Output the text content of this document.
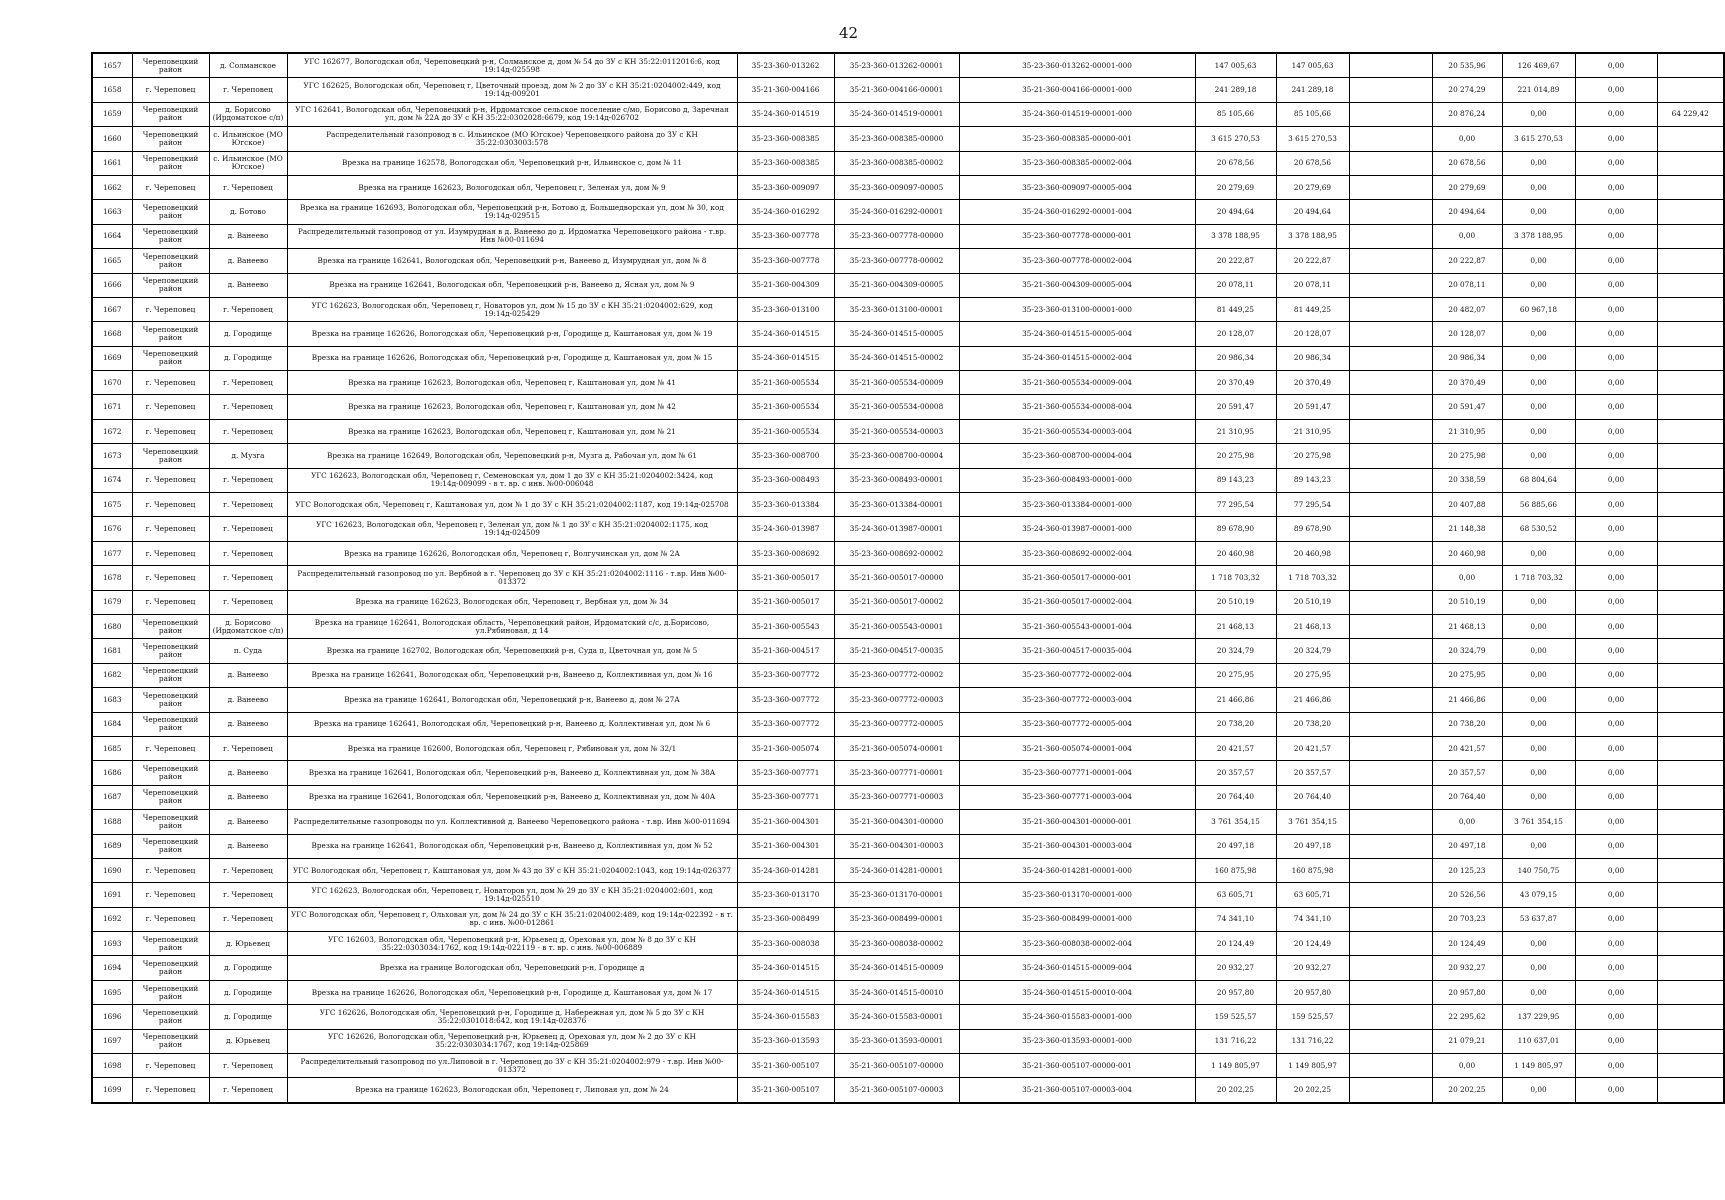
42
1657	Череповецкий район	д. Солманское	УГС 162677, Вологодская обл, Череповецкий р-н, Солманское д, дом № 54 до ЗУ с КН 35:22:0112016:6, код 19:14д-025598	35-23-360-013262	35-23-360-013262-00001	35-23-360-013262-00001-000	147 005,63	147 005,63		20 535,96	126 469,67	0,00	
1658	г. Череповец	г. Череповец	УГС 162625, Вологодская обл, Череповец г, Цветочный проезд, дом № 2 до ЗУ с КН 35:21:0204002:449, код 19:14д-009201	35-21-360-004166	35-21-360-004166-00001	35-21-360-004166-00001-000	241 289,18	241 289,18		20 274,29	221 014,89	0,00	
1659	Череповецкий район	д. Борисово (Ирдоматское с/п)	УГС 162641, Вологодская обл, Череповецкий р-н, Ирдоматское сельское поселение с/мо, Борисово д, Заречная ул, дом № 22А до ЗУ с КН 35:22:0302028:6679, код 19:14д-026702	35-24-360-014519	35-24-360-014519-00001	35-24-360-014519-00001-000	85 105,66	85 105,66		20 876,24	0,00	0,00	64 229,42
1660	Череповецкий район	с. Ильинское (МО Югское)	Распределительный газопровод в с. Ильинское (МО Югское) Череповецкого района до ЗУ с КН 35:22:0303003:578	35-23-360-008385	35-23-360-008385-00000	35-23-360-008385-00000-001	3 615 270,53	3 615 270,53		0,00	3 615 270,53	0,00	
1661	Череповецкий район	с. Ильинское (МО Югское)	Врезка на границе 162578, Вологодская обл, Череповецкий р-н, Ильинское с, дом № 11	35-23-360-008385	35-23-360-008385-00002	35-23-360-008385-00002-004	20 678,56	20 678,56		20 678,56	0,00	0,00	
1662	г. Череповец	г. Череповец	Врезка на границе 162623, Вологодская обл, Череповец г, Зеленая ул, дом № 9	35-23-360-009097	35-23-360-009097-00005	35-23-360-009097-00005-004	20 279,69	20 279,69		20 279,69	0,00	0,00	
1663	Череповецкий район	д. Ботово	Врезка на границе 162693, Вологодская обл, Череповецкий р-н, Ботово д, Большедворская ул, дом № 30, код 19:14д-029515	35-24-360-016292	35-24-360-016292-00001	35-24-360-016292-00001-004	20 494,64	20 494,64		20 494,64	0,00	0,00	
1664	Череповецкий район	д. Ванеево	Распределительный газопровод от ул. Изумрудная в д. Ванеево до д. Ирдоматка Череповецкого района - т.вр. Инв №00-011694	35-23-360-007778	35-23-360-007778-00000	35-23-360-007778-00000-001	3 378 188,95	3 378 188,95		0,00	3 378 188,95	0,00	
1665	Череповецкий район	д. Ванеево	Врезка на границе 162641, Вологодская обл, Череповецкий р-н, Ванеево д, Изумрудная ул, дом № 8	35-23-360-007778	35-23-360-007778-00002	35-23-360-007778-00002-004	20 222,87	20 222,87		20 222,87	0,00	0,00	
1666	Череповецкий район	д. Ванеево	Врезка на границе 162641, Вологодская обл, Череповецкий р-н, Ванеево д, Ясная ул, дом № 9	35-21-360-004309	35-21-360-004309-00005	35-21-360-004309-00005-004	20 078,11	20 078,11		20 078,11	0,00	0,00	
1667	г. Череповец	г. Череповец	УГС 162623, Вологодская обл, Череповец г, Новаторов ул, дом № 15 до ЗУ с КН 35:21:0204002:629, код 19:14д-025429	35-23-360-013100	35-23-360-013100-00001	35-23-360-013100-00001-000	81 449,25	81 449,25		20 482,07	60 967,18	0,00	
1668	Череповецкий район	д. Городище	Врезка на границе 162626, Вологодская обл, Череповецкий р-н, Городище д, Каштановая ул, дом № 19	35-24-360-014515	35-24-360-014515-00005	35-24-360-014515-00005-004	20 128,07	20 128,07		20 128,07	0,00	0,00	
1669	Череповецкий район	д. Городище	Врезка на границе 162626, Вологодская обл, Череповецкий р-н, Городище д, Каштановая ул, дом № 15	35-24-360-014515	35-24-360-014515-00002	35-24-360-014515-00002-004	20 986,34	20 986,34		20 986,34	0,00	0,00	
1670	г. Череповец	г. Череповец	Врезка на границе 162623, Вологодская обл, Череповец г, Каштановая ул, дом № 41	35-21-360-005534	35-21-360-005534-00009	35-21-360-005534-00009-004	20 370,49	20 370,49		20 370,49	0,00	0,00	
1671	г. Череповец	г. Череповец	Врезка на границе 162623, Вологодская обл, Череповец г, Каштановая ул, дом № 42	35-21-360-005534	35-21-360-005534-00008	35-21-360-005534-00008-004	20 591,47	20 591,47		20 591,47	0,00	0,00	
1672	г. Череповец	г. Череповец	Врезка на границе 162623, Вологодская обл, Череповец г, Каштановая ул, дом № 21	35-21-360-005534	35-21-360-005534-00003	35-21-360-005534-00003-004	21 310,95	21 310,95		21 310,95	0,00	0,00	
1673	Череповецкий район	д. Музга	Врезка на границе 162649, Вологодская обл, Череповецкий р-н, Музга д, Рабочая ул, дом № 61	35-23-360-008700	35-23-360-008700-00004	35-23-360-008700-00004-004	20 275,98	20 275,98		20 275,98	0,00	0,00	
1674	г. Череповец	г. Череповец	УГС 162623, Вологодская обл, Череповец г, Семеновская ул, дом 1 до ЗУ с КН 35:21:0204002:3424, код 19:14д-009099 - в т. вр. с инв. №00-006048	35-23-360-008493	35-23-360-008493-00001	35-23-360-008493-00001-000	89 143,23	89 143,23		20 338,59	68 804,64	0,00	
1675	г. Череповец	г. Череповец	УГС Вологодская обл, Череповец г, Каштановая ул, дом № 1 до ЗУ с КН 35:21:0204002:1187, код 19:14д-025708	35-23-360-013384	35-23-360-013384-00001	35-23-360-013384-00001-000	77 295,54	77 295,54		20 407,88	56 885,66	0,00	
1676	г. Череповец	г. Череповец	УГС 162623, Вологодская обл, Череповец г, Зеленая ул, дом № 1 до ЗУ с КН 35:21:0204002:1175, код 19:14д-024509	35-24-360-013987	35-24-360-013987-00001	35-24-360-013987-00001-000	89 678,90	89 678,90		21 148,38	68 530,52	0,00	
1677	г. Череповец	г. Череповец	Врезка на границе 162626, Вологодская обл, Череповец г, Волгучинская ул, дом № 2А	35-23-360-008692	35-23-360-008692-00002	35-23-360-008692-00002-004	20 460,98	20 460,98		20 460,98	0,00	0,00	
1678	г. Череповец	г. Череповец	Распределительный газопровод по ул. Вербной в г. Череповец до ЗУ с КН 35:21:0204002:1116 - т.вр. Инв №00-013372	35-21-360-005017	35-21-360-005017-00000	35-21-360-005017-00000-001	1 718 703,32	1 718 703,32		0,00	1 718 703,32	0,00	
1679	г. Череповец	г. Череповец	Врезка на границе 162623, Вологодская обл, Череповец г, Вербная ул, дом № 34	35-21-360-005017	35-21-360-005017-00002	35-21-360-005017-00002-004	20 510,19	20 510,19		20 510,19	0,00	0,00	
1680	Череповецкий район	д. Борисово (Ирдоматское с/п)	Врезка на границе 162641, Вологодская область, Череповецкий район, Ирдоматский с/с, д.Борисово, ул.Рябиновая, д 14	35-21-360-005543	35-21-360-005543-00001	35-21-360-005543-00001-004	21 468,13	21 468,13		21 468,13	0,00	0,00	
1681	Череповецкий район	п. Суда	Врезка на границе 162702, Вологодская обл, Череповецкий р-н, Суда п, Цветочная ул, дом № 5	35-21-360-004517	35-21-360-004517-00035	35-21-360-004517-00035-004	20 324,79	20 324,79		20 324,79	0,00	0,00	
1682	Череповецкий район	д. Ванеево	Врезка на границе 162641, Вологодская обл, Череповецкий р-н, Ванеево д, Коллективная ул, дом № 16	35-23-360-007772	35-23-360-007772-00002	35-23-360-007772-00002-004	20 275,95	20 275,95		20 275,95	0,00	0,00	
1683	Череповецкий район	д. Ванеево	Врезка на границе 162641, Вологодская обл, Череповецкий р-н, Ванеево д, дом № 27А	35-23-360-007772	35-23-360-007772-00003	35-23-360-007772-00003-004	21 466,86	21 466,86		21 466,86	0,00	0,00	
1684	Череповецкий район	д. Ванеево	Врезка на границе 162641, Вологодская обл, Череповецкий р-н, Ванеево д, Коллективная ул, дом № 6	35-23-360-007772	35-23-360-007772-00005	35-23-360-007772-00005-004	20 738,20	20 738,20		20 738,20	0,00	0,00	
1685	г. Череповец	г. Череповец	Врезка на границе 162600, Вологодская обл, Череповец г, Рябиновая ул, дом № 32/1	35-21-360-005074	35-21-360-005074-00001	35-21-360-005074-00001-004	20 421,57	20 421,57		20 421,57	0,00	0,00	
1686	Череповецкий район	д. Ванеево	Врезка на границе 162641, Вологодская обл, Череповецкий р-н, Ванеево д, Коллективная ул, дом № 38А	35-23-360-007771	35-23-360-007771-00001	35-23-360-007771-00001-004	20 357,57	20 357,57		20 357,57	0,00	0,00	
1687	Череповецкий район	д. Ванеево	Врезка на границе 162641, Вологодская обл, Череповецкий р-н, Ванеево д, Коллективная ул, дом № 40А	35-23-360-007771	35-23-360-007771-00003	35-23-360-007771-00003-004	20 764,40	20 764,40		20 764,40	0,00	0,00	
1688	Череповецкий район	д. Ванеево	Распределительные газопроводы по ул. Коллективной д. Ванеево Череповецкого района - т.вр. Инв №00-011694	35-21-360-004301	35-21-360-004301-00000	35-21-360-004301-00000-001	3 761 354,15	3 761 354,15		0,00	3 761 354,15	0,00	
1689	Череповецкий район	д. Ванеево	Врезка на границе 162641, Вологодская обл, Череповецкий р-н, Ванеево д, Коллективная ул, дом № 52	35-21-360-004301	35-21-360-004301-00003	35-21-360-004301-00003-004	20 497,18	20 497,18		20 497,18	0,00	0,00	
1690	г. Череповец	г. Череповец	УГС Вологодская обл, Череповец г, Каштановая ул, дом № 43 до ЗУ с КН 35:21:0204002:1043, код 19:14д-026377	35-24-360-014281	35-24-360-014281-00001	35-24-360-014281-00001-000	160 875,98	160 875,98		20 125,23	140 750,75	0,00	
1691	г. Череповец	г. Череповец	УГС 162623, Вологодская обл, Череповец г, Новаторов ул, дом № 29 до ЗУ с КН 35:21:0204002:601, код 19:14д-025510	35-23-360-013170	35-23-360-013170-00001	35-23-360-013170-00001-000	63 605,71	63 605,71		20 526,56	43 079,15	0,00	
1692	г. Череповец	г. Череповец	УГС Вологодская обл, Череповец г, Ольховая ул, дом № 24 до ЗУ с КН 35:21:0204002:489, код 19:14д-022392 - в т. вр. с инв. №00-012861	35-23-360-008499	35-23-360-008499-00001	35-23-360-008499-00001-000	74 341,10	74 341,10		20 703,23	53 637,87	0,00	
1693	Череповецкий район	д. Юрьевец	УГС 162603, Вологодская обл, Череповецкий р-н, Юрьевец д, Ореховая ул, дом № 8 до ЗУ с КН 35:22:0303034:1762, код 19:14д-022119 - в т. вр. с инв. №00-006889	35-23-360-008038	35-23-360-008038-00002	35-23-360-008038-00002-004	20 124,49	20 124,49		20 124,49	0,00	0,00	
1694	Череповецкий район	д. Городище	Врезка на границе Вологодская обл, Череповецкий р-н, Городище д	35-24-360-014515	35-24-360-014515-00009	35-24-360-014515-00009-004	20 932,27	20 932,27		20 932,27	0,00	0,00	
1695	Череповецкий район	д. Городище	Врезка на границе 162626, Вологодская обл, Череповецкий р-н, Городище д, Каштановая ул, дом № 17	35-24-360-014515	35-24-360-014515-00010	35-24-360-014515-00010-004	20 957,80	20 957,80		20 957,80	0,00	0,00	
1696	Череповецкий район	д. Городище	УГС 162626, Вологодская обл, Череповецкий р-н, Городище д, Набережная ул, дом № 5 до ЗУ с КН 35:22:0301018:642, код 19:14д-028376	35-24-360-015583	35-24-360-015583-00001	35-24-360-015583-00001-000	159 525,57	159 525,57		22 295,62	137 229,95	0,00	
1697	Череповецкий район	д. Юрьевец	УГС 162626, Вологодская обл, Череповецкий р-н, Юрьевец д, Ореховая ул, дом № 2 до ЗУ с КН 35:22:0303034:1767, код 19:14д-025869	35-23-360-013593	35-23-360-013593-00001	35-23-360-013593-00001-000	131 716,22	131 716,22		21 079,21	110 637,01	0,00	
1698	г. Череповец	г. Череповец	Распределительный газопровод по ул.Липовой в г. Череповец до ЗУ с КН 35:21:0204002:979 - т.вр. Инв №00-013372	35-21-360-005107	35-21-360-005107-00000	35-21-360-005107-00000-001	1 149 805,97	1 149 805,97		0,00	1 149 805,97	0,00	
1699	г. Череповец	г. Череповец	Врезка на границе 162623, Вологодская обл, Череповец г, Липовая ул, дом № 24	35-21-360-005107	35-21-360-005107-00003	35-21-360-005107-00003-004	20 202,25	20 202,25		20 202,25	0,00	0,00	
